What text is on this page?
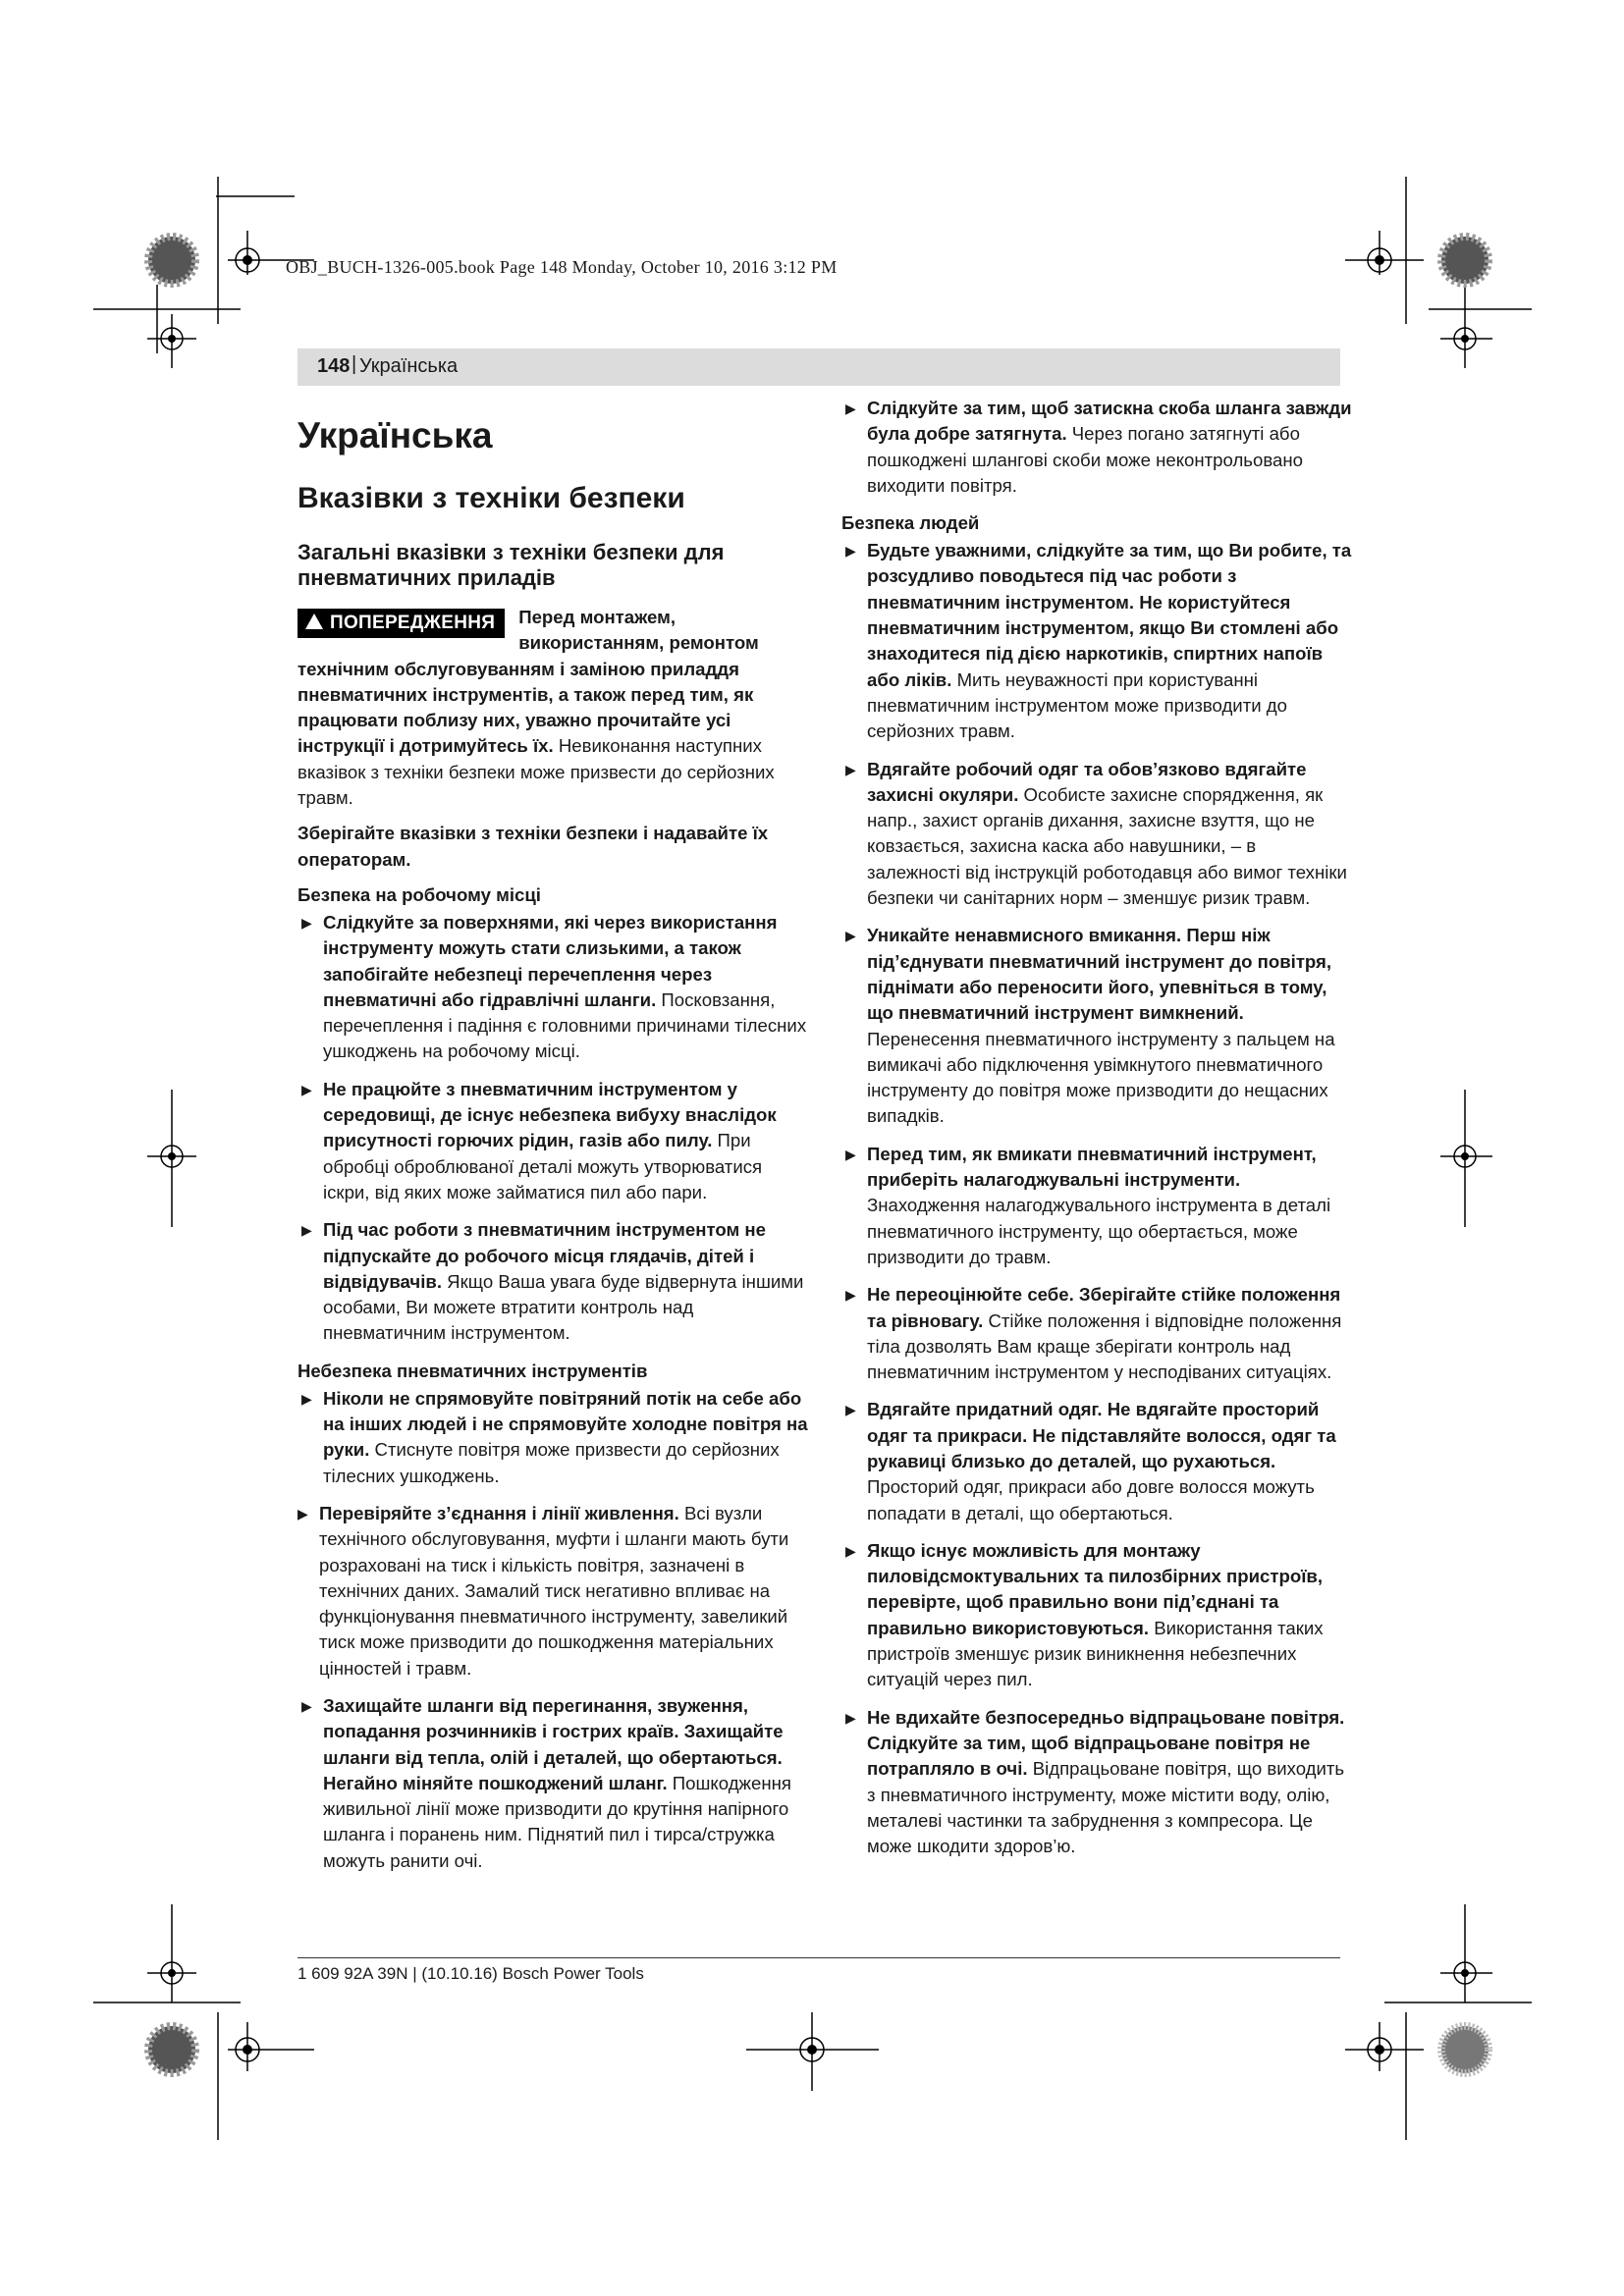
OBJ_BUCH-1326-005.book Page 148 Monday, October 10, 2016 3:12 PM
148 | Українська
Українська
Вказівки з техніки безпеки
Загальні вказівки з техніки безпеки для пневматичних приладів
ПОПЕРЕДЖЕННЯ	Перед монтажем, використанням, ремонтом технічним обслуговуванням і заміною приладдя пневматичних інструментів, а також перед тим, як працювати поблизу них, уважно прочитайте усі інструкції і дотримуйтесь їх. Невиконання наступних вказівок з техніки безпеки може призвести до серйозних травм.

Зберігайте вказівки з техніки безпеки і надавайте їх операторам.

Безпека на робочому місці
▶ Слідкуйте за поверхнями, які через використання інструменту можуть стати слизькими, а також запобігайте небезпеці перечеплення через пневматичні або гідравлічні шланги. Посковзання, перечеплення і падіння є головними причинами тілесних ушкоджень на робочому місці.
▶ Не працюйте з пневматичним інструментом у середовищі, де існує небезпека вибуху внаслідок присутності горючих рідин, газів або пилу. При обробці оброблюваної деталі можуть утворюватися іскри, від яких може займатися пил або пари.
▶ Під час роботи з пневматичним інструментом не підпускайте до робочого місця глядачів, дітей і відвідувачів. Якщо Ваша увага буде відвернута іншими особами, Ви можете втратити контроль над пневматичним інструментом.
Небезпека пневматичних інструментів
▶ Ніколи не спрямовуйте повітряний потік на себе або на інших людей і не спрямовуйте холодне повітря на руки. Стиснуте повітря може призвести до серйозних тілесних ушкоджень.
▶ Перевіряйте з’єднання і лінії живлення. Всі вузли технічного обслуговування, муфти і шланги мають бути розраховані на тиск і кількість повітря, зазначені в технічних даних. Замалий тиск негативно впливає на функціонування пневматичного інструменту, завеликий тиск може призводити до пошкодження матеріальних цінностей і травм.
▶ Захищайте шланги від перегинання, звуження, попадання розчинників і гострих країв. Захищайте шланги від тепла, олій і деталей, що обертаються. Негайно міняйте пошкоджений шланг. Пошкодження живильної лінії може призводити до крутіння напірного шланга і поранень ним. Піднятий пил і тирса/стружка можуть ранити очі.
▶ Слідкуйте за тим, щоб затискна скоба шланга завжди була добре затягнута. Через погано затягнуті або пошкоджені шлангові скоби може неконтрольовано виходити повітря.
Безпека людей
▶ Будьте уважними, слідкуйте за тим, що Ви робите, та розсудливо поводьтеся під час роботи з пневматичним інструментом. Не користуйтеся пневматичним інструментом, якщо Ви стомлені або знаходитеся під дією наркотиків, спиртних напоїв або ліків. Мить неуважності при користуванні пневматичним інструментом може призводити до серйозних травм.
▶ Вдягайте робочий одяг та обов’язково вдягайте захисні окуляри. Особисте захисне спорядження, як напр., захист органів дихання, захисне взуття, що не ковзається, захисна каска або навушники, – в залежності від інструкцій роботодавця або вимог техніки безпеки чи санітарних норм – зменшує ризик травм.
▶ Уникайте ненавмисного вмикання. Перш ніж під’єднувати пневматичний інструмент до повітря, піднімати або переносити його, упевніться в тому, що пневматичний інструмент вимкнений. Перенесення пневматичного інструменту з пальцем на вимикачі або підключення увімкнутого пневматичного інструменту до повітря може призводити до нещасних випадків.
▶ Перед тим, як вмикати пневматичний інструмент, приберіть налагоджувальні інструменти. Знаходження налагоджувального інструмента в деталі пневматичного інструменту, що обертається, може призводити до травм.
▶ Не переоцінюйте себе. Зберігайте стійке положення та рівновагу. Стійке положення і відповідне положення тіла дозволять Вам краще зберігати контроль над пневматичним інструментом у несподіваних ситуаціях.
▶ Вдягайте придатний одяг. Не вдягайте просторий одяг та прикраси. Не підставляйте волосся, одяг та рукавиці близько до деталей, що рухаються. Просторий одяг, прикраси або довге волосся можуть попадати в деталі, що обертаються.
▶ Якщо існує можливість для монтажу пиловідсмоктувальних та пилозбірних пристроїв, перевірте, щоб правильно вони під’єднані та правильно використовуються. Використання таких пристроїв зменшує ризик виникнення небезпечних ситуацій через пил.
▶ Не вдихайте безпосередньо відпрацьоване повітря. Слідкуйте за тим, щоб відпрацьоване повітря не потрапляло в очі. Відпрацьоване повітря, що виходить з пневматичного інструменту, може містити воду, олію, металеві частинки та забруднення з компресора. Це може шкодити здоров’ю.
1 609 92A 39N | (10.10.16) Bosch Power Tools
